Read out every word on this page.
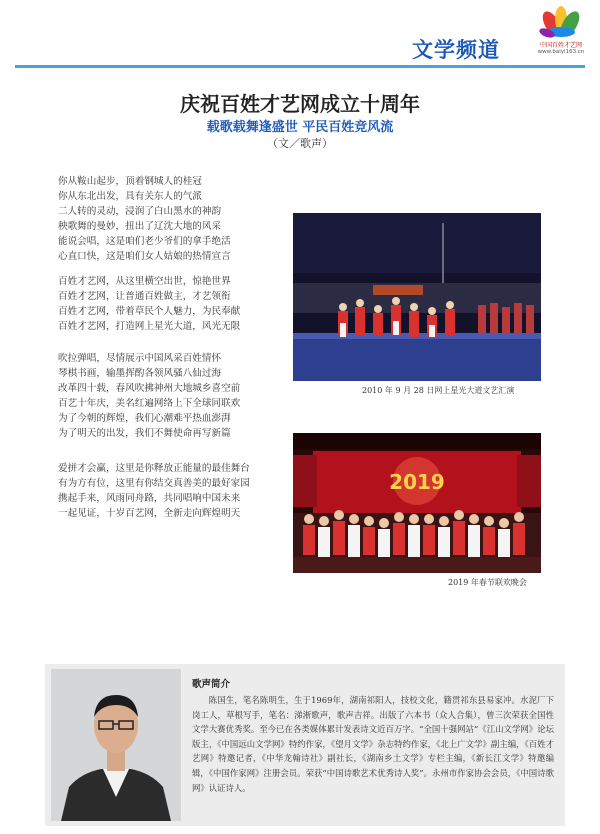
文学频道	中国百姓才艺网
www.baiyi163.cn
庆祝百姓才艺网成立十周年
载歌载舞逢盛世 平民百姓竞风流
（文／歌声）
你从鞍山起步，顶着钢城人的桂冠
你从东北出发，具有关东人的气派
二人转的灵动，浸润了白山黑水的神韵
秧歌舞的曼妙，扭出了辽沈大地的风采
能说会唱，这是咱们老少爷们的拿手绝活
心直口快，这是咱们女人姑娘的热情宣言
百姓才艺网，从这里横空出世，惊艳世界
百姓才艺网，让普通百姓做主，才艺领衔
百姓才艺网，带着草民个人魅力，为民奉献
百姓才艺网，打造网上星光大道，风光无限
吹拉弹唱，尽情展示中国风采百姓情怀
琴棋书画，输墨挥酌各领风骚八仙过海
改革四十载，春风吹拂神州大地城乡喜空前
百艺十年庆，美名红遍网络上下全球同联欢
为了今朝的辉煌，我们心潮难平热血澎湃
为了明天的出发，我们不舞使命再写新篇
爱拼才会赢，这里是你释放正能量的最佳舞台
有为方有位，这里有你结交真善美的最好家园
携起手来，风雨同舟路，共同唱响中国未来
一起见证，十岁百艺网，全新走向辉煌明天
2010 年 9 月 28 日网上星光大道文艺汇演
2019
2019 年春节联欢晚会
歌声简介
陈国生，笔名陈明生，生于1969年，湖南祁阳人，技校文化，籍贯祁东县易家冲。水泥厂下岗工人，草根写手，笔名：涕淅歌声，歌声吉祥。出版了六本书（众人合集），曾三次荣获全国性文学大赛优秀奖。至今已在各类媒体累计发表诗文近百万字。“全国十强网站”《江山文学网》论坛版主，《中国远山文学网》特约作家，《望月文学》杂志特约作家，《北上广文学》副主编，《百姓才艺网》特邀记者，《中华龙翰诗社》副社长，《湖南乡土文学》专栏主编，《新长江文学》特邀编辑，《中国作家网》注册会员。荣获“中国诗歌艺术优秀诗人奖”。永州市作家协会会员，《中国诗歌网》认证诗人。
